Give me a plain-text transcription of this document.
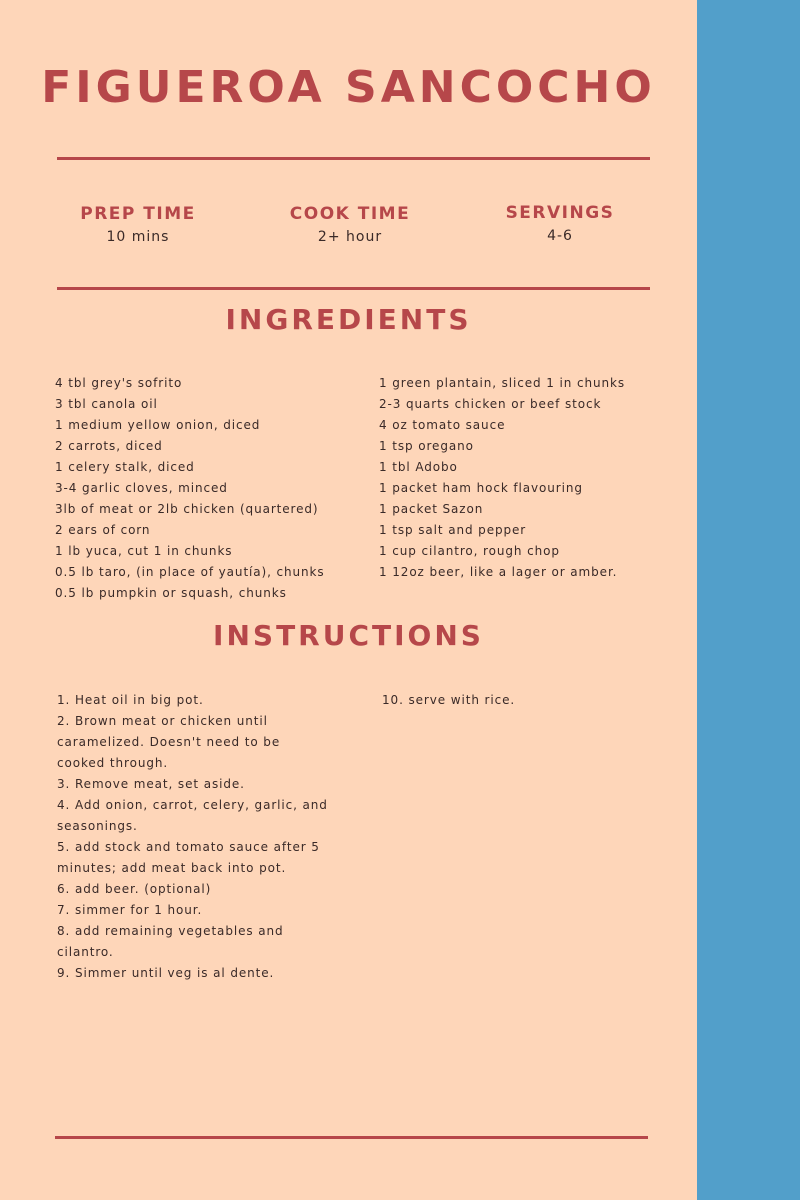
FIGUEROA SANCOCHO
PREP TIME
10 mins
COOK TIME
2+ hour
SERVINGS
4-6
INGREDIENTS
4 tbl grey's sofrito
3 tbl canola oil
1 medium yellow onion, diced
2 carrots, diced
1 celery stalk, diced
3-4 garlic cloves, minced
3lb of meat or 2lb chicken (quartered)
2 ears of corn
1 lb yuca, cut 1 in chunks
0.5 lb taro, (in place of yautía), chunks
0.5 lb pumpkin or squash, chunks
1 green plantain, sliced 1 in chunks
2-3 quarts chicken or beef stock
4 oz tomato sauce
1 tsp oregano
1 tbl Adobo
1 packet ham hock flavouring
1 packet Sazon
1 tsp salt and pepper
1 cup cilantro, rough chop
1 12oz beer, like a lager or amber.
INSTRUCTIONS
1. Heat oil in big pot.
2. Brown meat or chicken until caramelized. Doesn't need to be cooked through.
3. Remove meat, set aside.
4. Add onion, carrot, celery, garlic, and seasonings.
5. add stock and tomato sauce after 5 minutes; add meat back into pot.
6. add beer. (optional)
7. simmer for 1 hour.
8. add remaining vegetables and cilantro.
9. Simmer until veg is al dente.
10. serve with rice.
